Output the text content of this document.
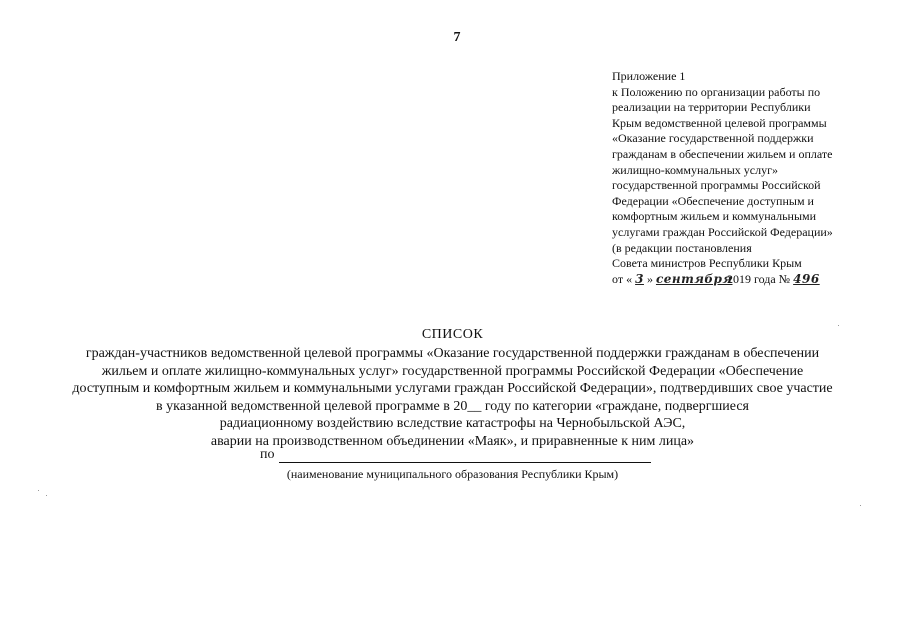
7
Приложение 1
к Положению по организации работы по
реализации на территории Республики
Крым ведомственной целевой программы
«Оказание государственной поддержки
гражданам в обеспечении жильем и оплате
жилищно-коммунальных услуг»
государственной программы Российской
Федерации «Обеспечение доступным и
комфортным жильем и коммунальными
услугами граждан Российской Федерации»
(в редакции постановления
Совета министров Республики Крым
от « 3 » сентября 2019 года № 496
СПИСОК
граждан-участников ведомственной целевой программы «Оказание государственной поддержки гражданам в обеспечении
жильем и оплате жилищно-коммунальных услуг» государственной программы Российской Федерации «Обеспечение
доступным и комфортным жильем и коммунальными услугами граждан Российской Федерации», подтвердивших свое участие
в указанной ведомственной целевой программе в 20__ году по категории «граждане, подвергшиеся
радиационному воздействию вследствие катастрофы на Чернобыльской АЭС,
аварии на производственном объединении «Маяк», и приравненные к ним лица»
по
(наименование муниципального образования Республики Крым)
